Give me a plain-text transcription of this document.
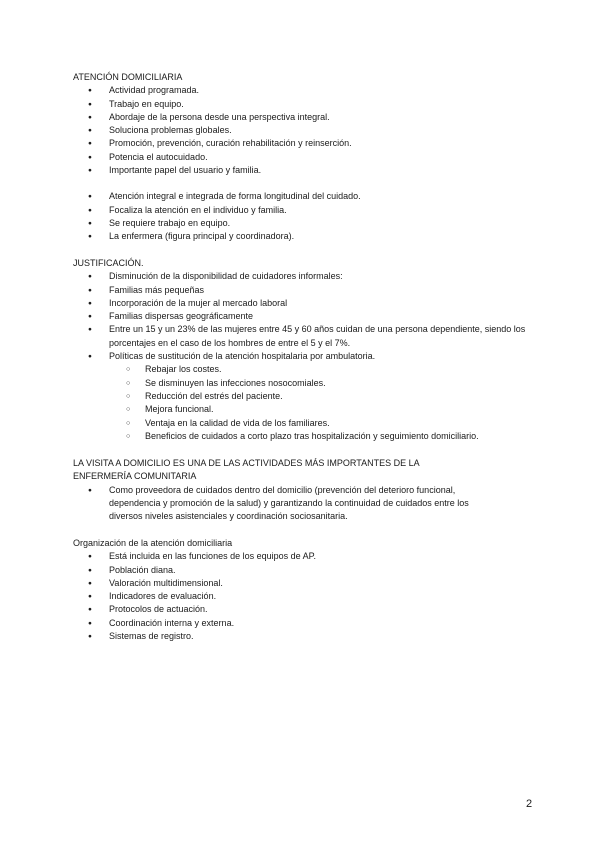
ATENCIÓN DOMICILIARIA
● Actividad programada.
● Trabajo en equipo.
● Abordaje de la persona desde una perspectiva integral.
● Soluciona problemas globales.
● Promoción, prevención, curación rehabilitación y reinserción.
● Potencia el autocuidado.
● Importante papel del usuario y familia.
● Atención integral e integrada de forma longitudinal del cuidado.
● Focaliza la atención en el individuo y familia.
● Se requiere trabajo en equipo.
● La enfermera (figura principal y coordinadora).
JUSTIFICACIÓN.
● Disminución de la disponibilidad de cuidadores informales:
● Familias más pequeñas
● Incorporación de la mujer al mercado laboral
● Familias dispersas geográficamente
● Entre un 15 y un 23% de las mujeres entre 45 y 60 años cuidan de una persona dependiente, siendo los porcentajes en el caso de los hombres de entre el 5 y el 7%.
● Políticas de sustitución de la atención hospitalaria por ambulatoria.
○ Rebajar los costes.
○ Se disminuyen las infecciones nosocomiales.
○ Reducción del estrés del paciente.
○ Mejora funcional.
○ Ventaja en la calidad de vida de los familiares.
○ Beneficios de cuidados a corto plazo tras hospitalización y seguimiento domiciliario.
LA VISITA A DOMICILIO ES UNA DE LAS ACTIVIDADES MÁS IMPORTANTES DE LA ENFERMERÍA COMUNITARIA
● Como proveedora de cuidados dentro del domicilio (prevención del deterioro funcional, dependencia y promoción de la salud) y garantizando la continuidad de cuidados entre los diversos niveles asistenciales y coordinación sociosanitaria.
Organización de la atención domiciliaria
● Está incluida en las funciones de los equipos de AP.
● Población diana.
● Valoración multidimensional.
● Indicadores de evaluación.
● Protocolos de actuación.
● Coordinación interna y externa.
● Sistemas de registro.
2
